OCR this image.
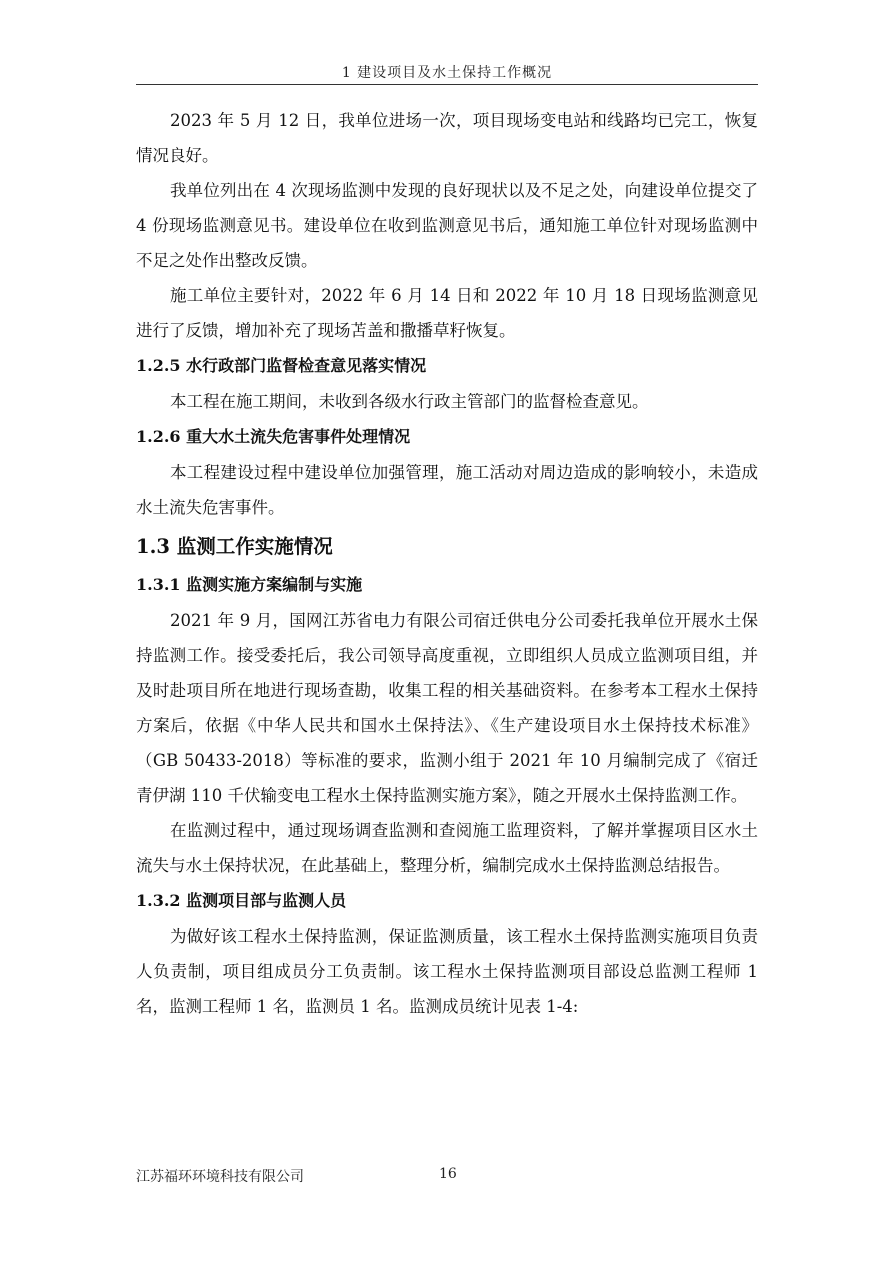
1 建设项目及水土保持工作概况

2023 年 5 月 12 日，我单位进场一次，项目现场变电站和线路均已完工，恢复情况良好。

我单位列出在 4 次现场监测中发现的良好现状以及不足之处，向建设单位提交了 4 份现场监测意见书。建设单位在收到监测意见书后，通知施工单位针对现场监测中不足之处作出整改反馈。

施工单位主要针对，2022 年 6 月 14 日和 2022 年 10 月 18 日现场监测意见进行了反馈，增加补充了现场苫盖和撒播草籽恢复。

1.2.5 水行政部门监督检查意见落实情况

本工程在施工期间，未收到各级水行政主管部门的监督检查意见。

1.2.6 重大水土流失危害事件处理情况

本工程建设过程中建设单位加强管理，施工活动对周边造成的影响较小，未造成水土流失危害事件。

1.3 监测工作实施情况
1.3.1 监测实施方案编制与实施

2021 年 9 月，国网江苏省电力有限公司宿迁供电分公司委托我单位开展水土保持监测工作。接受委托后，我公司领导高度重视，立即组织人员成立监测项目组，并及时赴项目所在地进行现场查勘，收集工程的相关基础资料。在参考本工程水土保持方案后，依据《中华人民共和国水土保持法》、《生产建设项目水土保持技术标准》（GB 50433-2018）等标准的要求，监测小组于 2021 年 10 月编制完成了《宿迁青伊湖 110 千伏输变电工程水土保持监测实施方案》，随之开展水土保持监测工作。

在监测过程中，通过现场调查监测和查阅施工监理资料，了解并掌握项目区水土流失与水土保持状况，在此基础上，整理分析，编制完成水土保持监测总结报告。

1.3.2 监测项目部与监测人员

为做好该工程水土保持监测，保证监测质量，该工程水土保持监测实施项目负责人负责制，项目组成员分工负责制。该工程水土保持监测项目部设总监测工程师 1 名，监测工程师 1 名，监测员 1 名。监测成员统计见表 1-4:

江苏福环环境科技有限公司	16
